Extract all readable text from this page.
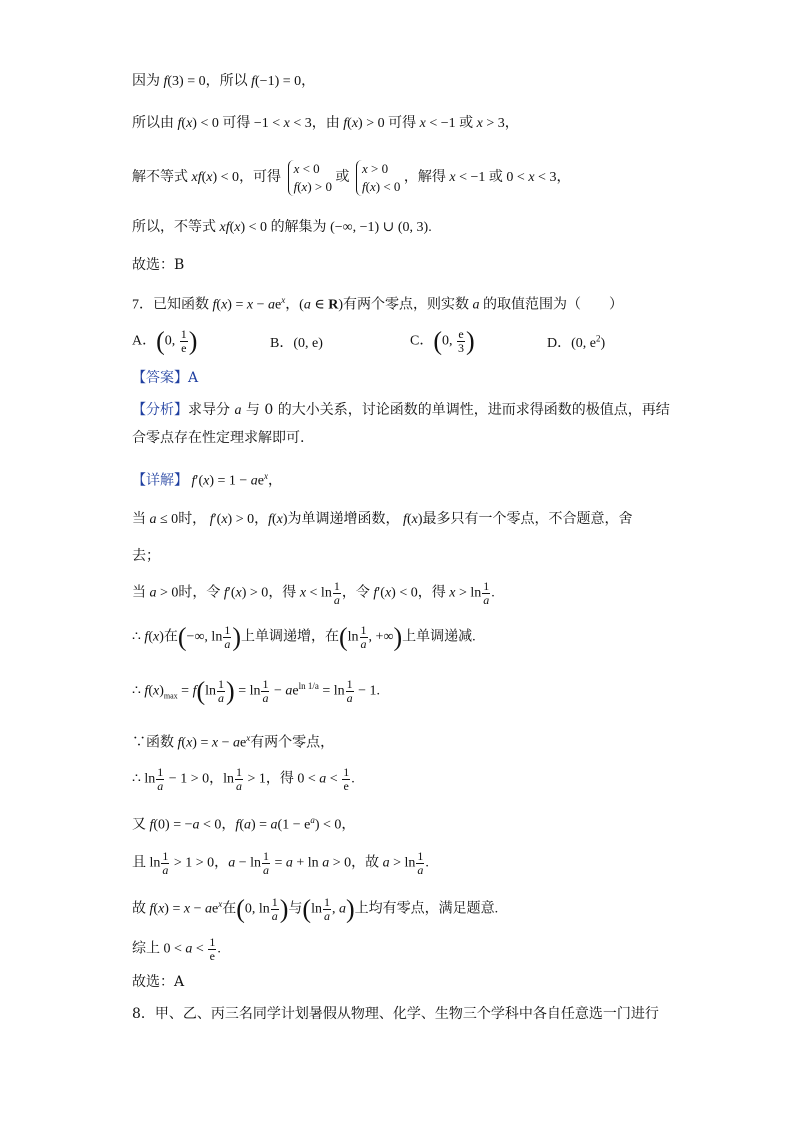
因为 f(3) = 0，所以 f(−1) = 0，
所以由 f(x) < 0 可得 −1 < x < 3，由 f(x) > 0 可得 x < −1 或 x > 3，
解不等式 xf(x) < 0，可得 x < 0
f(x) > 0 或 x > 0
f(x) < 0 ，解得 x < −1 或 0 < x < 3，
所以，不等式 xf(x) < 0 的解集为 (−∞, −1) ∪ (0, 3).
故选：B
7．已知函数 $f(x) = x - ae^x$，(a ∈ R)有两个零点，则实数 a 的取值范围为（　　）
A．(0, $\frac{1}{e}$ )	B．(0, e)	C．(0, $\frac{e}{3}$ )	D．(0, $e^2$)
【答案】A
【分析】求导分 a 与 0 的大小关系，讨论函数的单调性，进而求得函数的极值点，再结
合零点存在性定理求解即可.
【详解】 $f'(x) = 1 - ae^x$，
当 a ≤ 0时， f′(x) > 0，f(x)为单调递增函数， f(x)最多只有一个零点，不合题意，舍
去；
当 a > 0时，令 f′(x) > 0，得 $x < \ln \frac{1}{a}$ ，令 f′(x) < 0，得 $x > \ln \frac{1}{a}$ .
∴ f(x)在(−∞, $\ln \frac{1}{a}$ )上单调递增，在($\ln \frac{1}{a}$ , +∞)上单调递减.
∴ $f(x)_{max} = f(\ln \frac{1}{a}$ ) = $\ln \frac{1}{a} - ae^{ln 1/a} = \ln \frac{1}{a} - 1$.
∵函数 $f(x) = x - ae^x$有两个零点，
∴ $\ln \frac{1}{a} - 1 > 0$，$\ln \frac{1}{a} > 1$，得 $0 < a < \frac{1}{e}$ .
又 f(0) = −a < 0，$f(a) = a(1 - e^a) < 0$，
且 $\ln \frac{1}{a} > 1 > 0$，$a - \ln \frac{1}{a} = a + \ln a > 0$，故 $a > \ln \frac{1}{a}$ .
故 $f(x) = x - ae^x$在(0, $\ln \frac{1}{a}$ )与($\ln \frac{1}{a}$ , a)上均有零点，满足题意.
综上 $0 < a < \frac{1}{e}$ .
故选：A
8．甲、乙、丙三名同学计划暑假从物理、化学、生物三个学科中各自任意选一门进行
